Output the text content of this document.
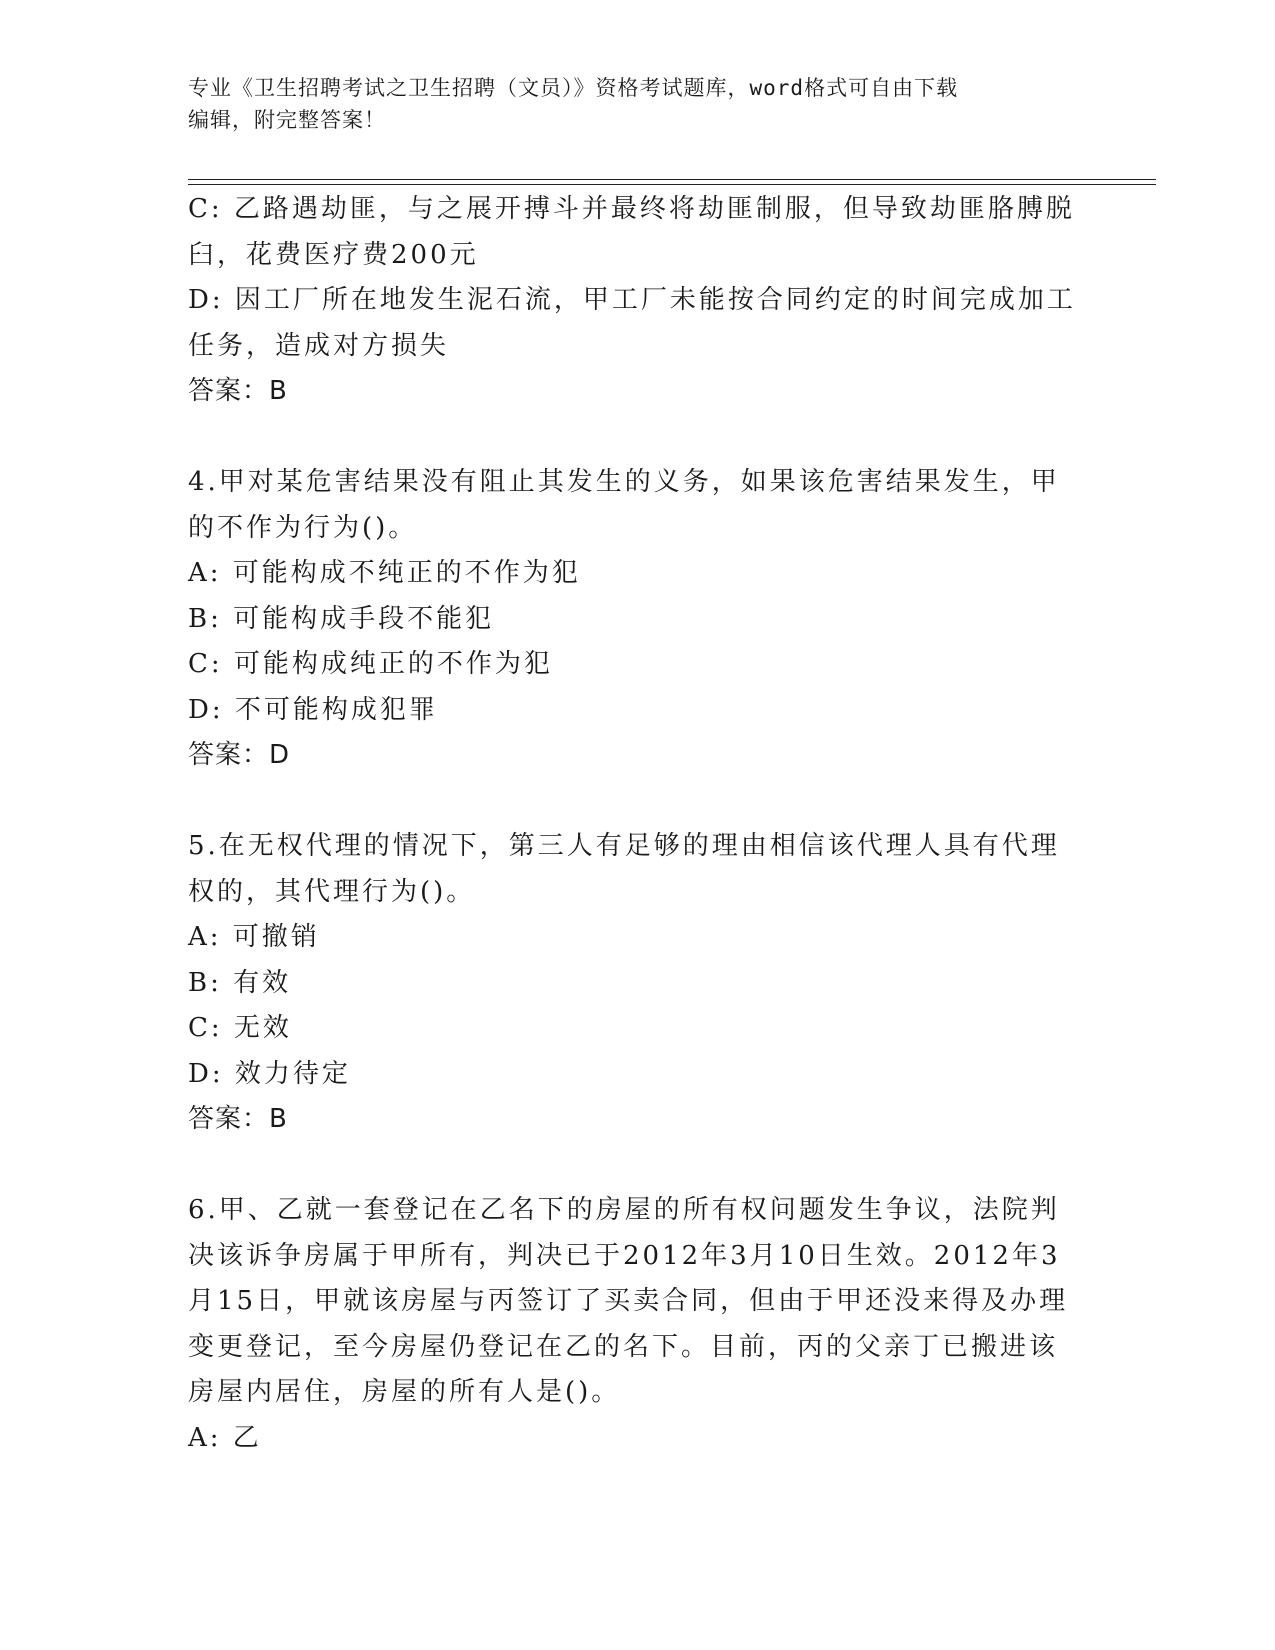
专业《卫生招聘考试之卫生招聘（文员）》资格考试题库，word格式可自由下载
编辑，附完整答案！
C: 乙路遇劫匪，与之展开搏斗并最终将劫匪制服，但导致劫匪胳膊脱
臼，花费医疗费200元
D: 因工厂所在地发生泥石流，甲工厂未能按合同约定的时间完成加工
任务，造成对方损失
答案：B
4.甲对某危害结果没有阻止其发生的义务，如果该危害结果发生，甲
的不作为行为()。
A: 可能构成不纯正的不作为犯
B: 可能构成手段不能犯
C: 可能构成纯正的不作为犯
D: 不可能构成犯罪
答案：D
5.在无权代理的情况下，第三人有足够的理由相信该代理人具有代理
权的，其代理行为()。
A: 可撤销
B: 有效
C: 无效
D: 效力待定
答案：B
6.甲、乙就一套登记在乙名下的房屋的所有权问题发生争议，法院判
决该诉争房属于甲所有，判决已于2012年3月10日生效。2012年3
月15日，甲就该房屋与丙签订了买卖合同，但由于甲还没来得及办理
变更登记，至今房屋仍登记在乙的名下。目前，丙的父亲丁已搬进该
房屋内居住，房屋的所有人是()。
A: 乙
